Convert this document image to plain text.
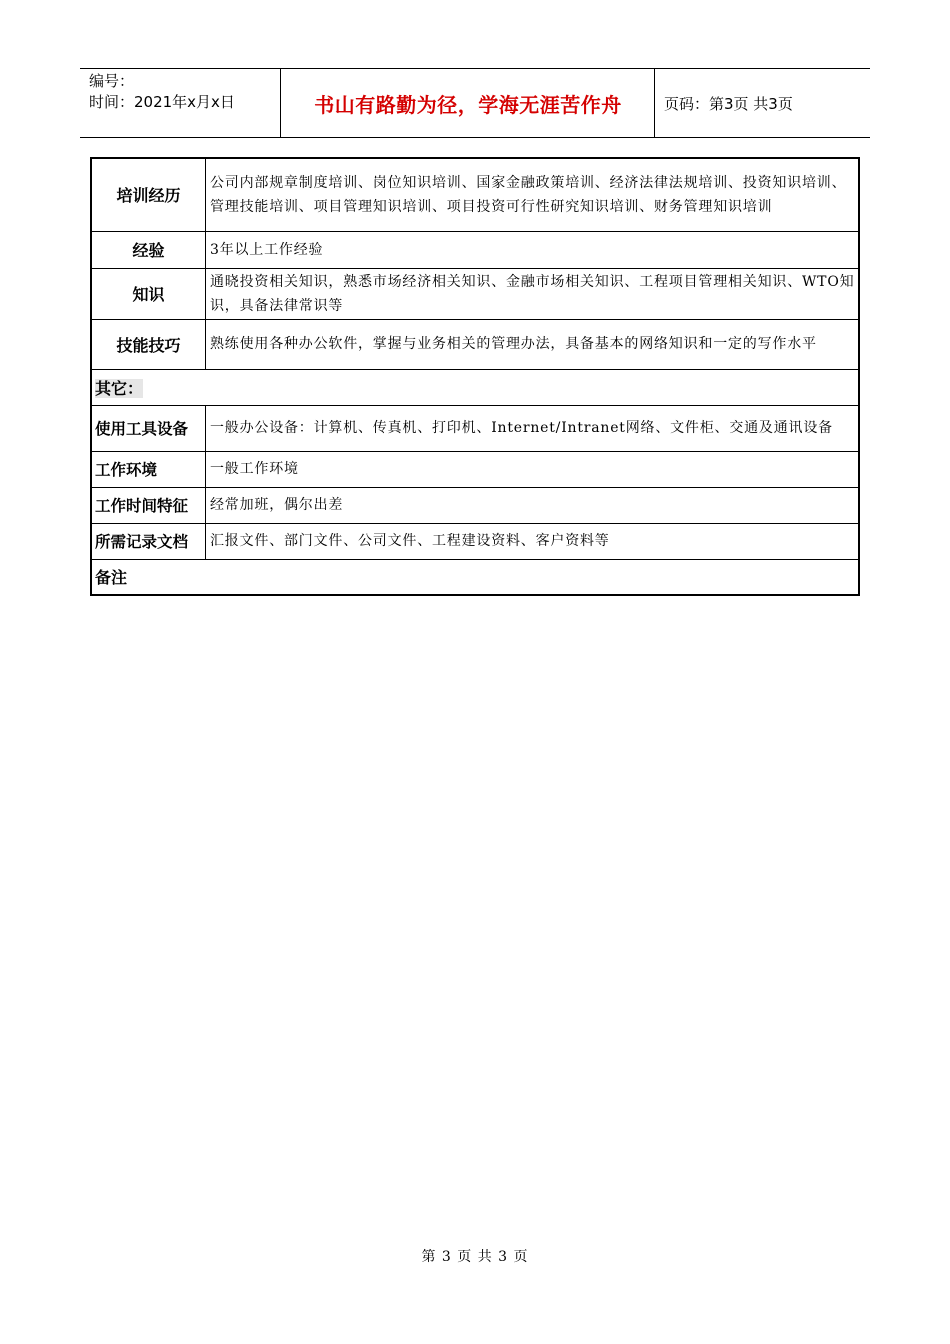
编号：
时间：2021年x月x日	书山有路勤为径，学海无涯苦作舟	页码：第3页 共3页
培训经历	公司内部规章制度培训、岗位知识培训、国家金融政策培训、经济法律法规培训、投资知识培训、管理技能培训、项目管理知识培训、项目投资可行性研究知识培训、财务管理知识培训
经验	3年以上工作经验
知识	通晓投资相关知识，熟悉市场经济相关知识、金融市场相关知识、工程项目管理相关知识、WTO知识，具备法律常识等
技能技巧	熟练使用各种办公软件，掌握与业务相关的管理办法，具备基本的网络知识和一定的写作水平
其它：	
使用工具设备	一般办公设备：计算机、传真机、打印机、Internet/Intranet网络、文件柜、交通及通讯设备
工作环境	一般工作环境
工作时间特征	经常加班，偶尔出差
所需记录文档	汇报文件、部门文件、公司文件、工程建设资料、客户资料等
备注	
第 3 页 共 3 页
